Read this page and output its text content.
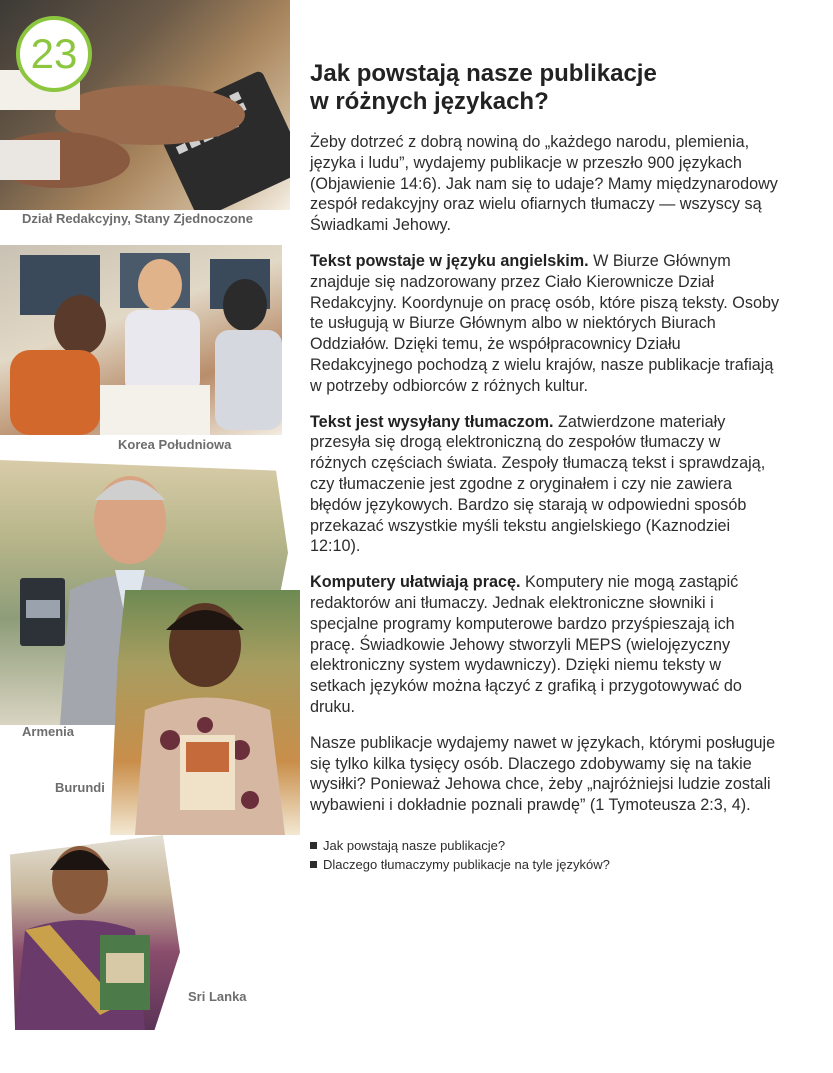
23
Dział Redakcyjny, Stany Zjednoczone
Korea Południowa
Armenia
Burundi
Sri Lanka
Jak powstają nasze publikacje
w różnych językach?

Żeby dotrzeć z dobrą nowiną do „każdego narodu, plemienia, języka i ludu”, wydajemy publikacje w przeszło 900 językach (Objawienie 14:6). Jak nam się to udaje? Mamy międzynarodowy zespół redakcyjny oraz wielu ofiarnych tłumaczy — wszyscy są Świadkami Jehowy.

Tekst powstaje w języku angielskim. W Biurze Głównym znajduje się nadzorowany przez Ciało Kierownicze Dział Redakcyjny. Koordynuje on pracę osób, które piszą teksty. Osoby te usługują w Biurze Głównym albo w niektórych Biurach Oddziałów. Dzięki temu, że współpracownicy Działu Redakcyjnego pochodzą z wielu krajów, nasze publikacje trafiają w potrzeby odbiorców z różnych kultur.

Tekst jest wysyłany tłumaczom. Zatwierdzone materiały przesyła się drogą elektroniczną do zespołów tłumaczy w różnych częściach świata. Zespoły tłumaczą tekst i sprawdzają, czy tłumaczenie jest zgodne z oryginałem i czy nie zawiera błędów językowych. Bardzo się starają w odpowiedni sposób przekazać wszystkie myśli tekstu angielskiego (Kaznodziei 12:10).

Komputery ułatwiają pracę. Komputery nie mogą zastąpić redaktorów ani tłumaczy. Jednak elektroniczne słowniki i specjalne programy komputerowe bardzo przyśpieszają ich pracę. Świadkowie Jehowy stworzyli MEPS (wielojęzyczny elektroniczny system wydawniczy). Dzięki niemu teksty w setkach języków można łączyć z grafiką i przygotowywać do druku.

Nasze publikacje wydajemy nawet w językach, którymi posługuje się tylko kilka tysięcy osób. Dlaczego zdobywamy się na takie wysiłki? Ponieważ Jehowa chce, żeby „najróżniejsi ludzie zostali wybawieni i dokładnie poznali prawdę” (1 Tymoteusza 2:3, 4).

Jak powstają nasze publikacje?
Dlaczego tłumaczymy publikacje na tyle języków?
